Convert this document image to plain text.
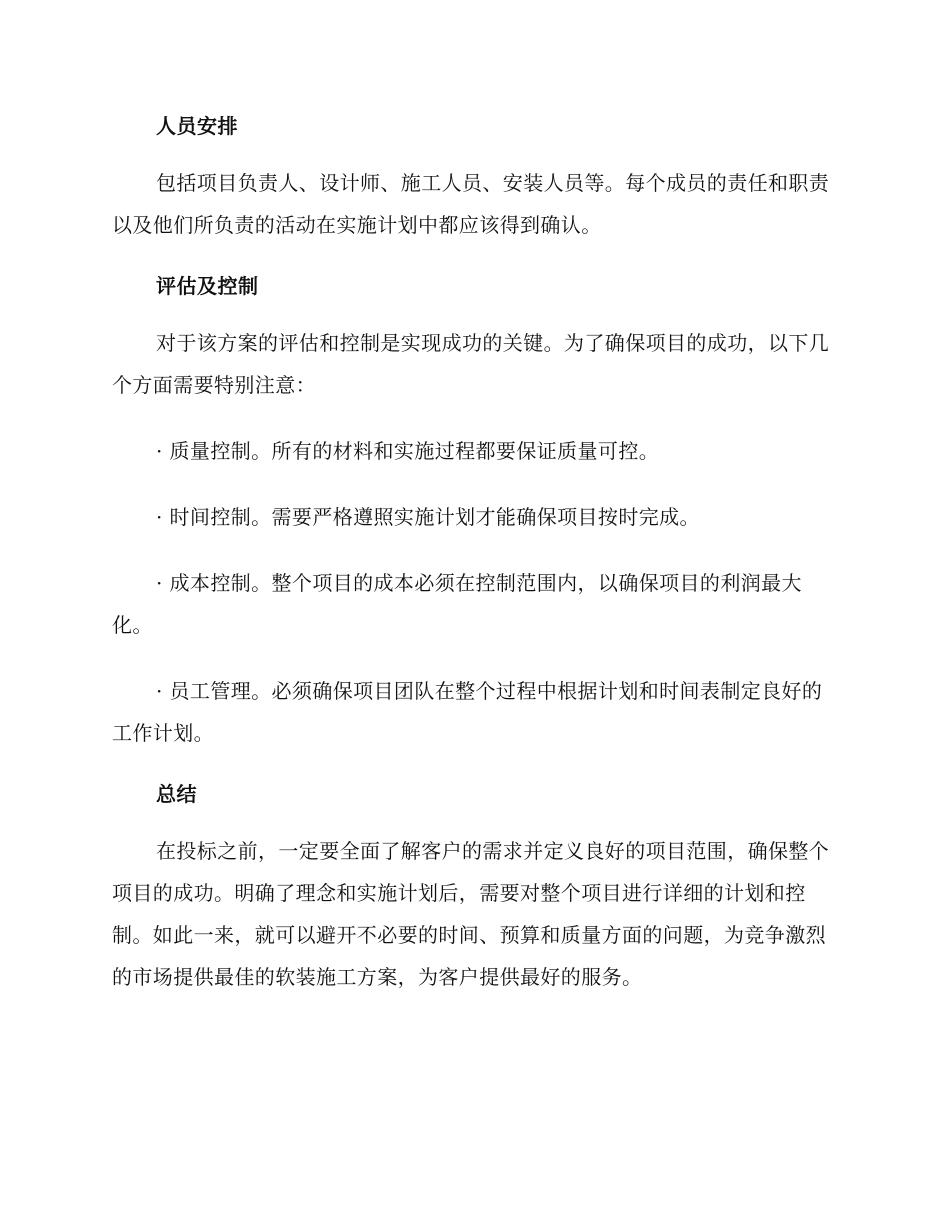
人员安排

包括项目负责人、设计师、施工人员、安装人员等。每个成员的责任和职责以及他们所负责的活动在实施计划中都应该得到确认。

评估及控制

对于该方案的评估和控制是实现成功的关键。为了确保项目的成功，以下几个方面需要特别注意：

· 质量控制。所有的材料和实施过程都要保证质量可控。

· 时间控制。需要严格遵照实施计划才能确保项目按时完成。

· 成本控制。整个项目的成本必须在控制范围内，以确保项目的利润最大化。

· 员工管理。必须确保项目团队在整个过程中根据计划和时间表制定良好的工作计划。

总结

在投标之前，一定要全面了解客户的需求并定义良好的项目范围，确保整个项目的成功。明确了理念和实施计划后，需要对整个项目进行详细的计划和控制。如此一来，就可以避开不必要的时间、预算和质量方面的问题，为竞争激烈的市场提供最佳的软装施工方案，为客户提供最好的服务。
